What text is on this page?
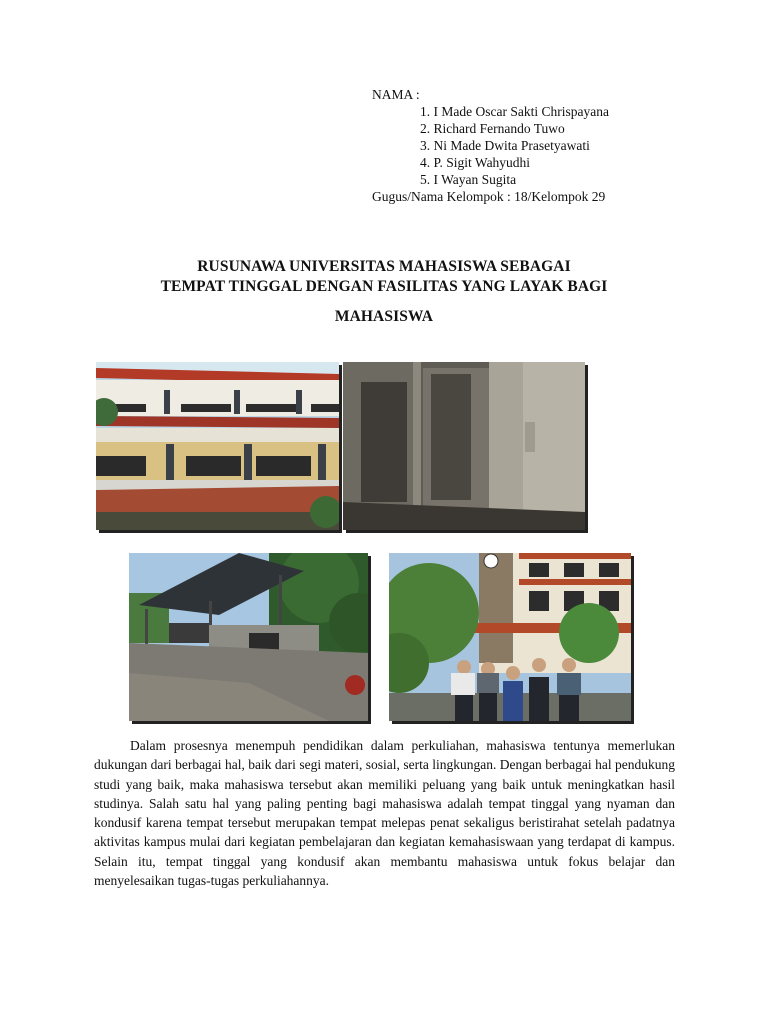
NAMA :
1. I Made Oscar Sakti Chrispayana
2. Richard Fernando Tuwo
3. Ni Made Dwita Prasetyawati
4. P. Sigit Wahyudhi
5. I Wayan Sugita
Gugus/Nama Kelompok : 18/Kelompok 29
RUSUNAWA UNIVERSITAS MAHASISWA SEBAGAI
TEMPAT TINGGAL DENGAN FASILITAS YANG LAYAK BAGI
MAHASISWA

Dalam prosesnya menempuh pendidikan dalam perkuliahan, mahasiswa tentunya memerlukan dukungan dari berbagai hal, baik dari segi materi, sosial, serta lingkungan. Dengan berbagai hal pendukung studi yang baik, maka mahasiswa tersebut akan memiliki peluang yang baik untuk meningkatkan hasil studinya. Salah satu hal yang paling penting bagi mahasiswa adalah tempat tinggal yang nyaman dan kondusif karena tempat tersebut merupakan tempat melepas penat sekaligus beristirahat setelah padatnya aktivitas kampus mulai dari kegiatan pembelajaran dan kegiatan kemahasiswaan yang terdapat di kampus. Selain itu, tempat tinggal yang kondusif akan membantu mahasiswa untuk fokus belajar dan menyelesaikan tugas-tugas perkuliahannya.
